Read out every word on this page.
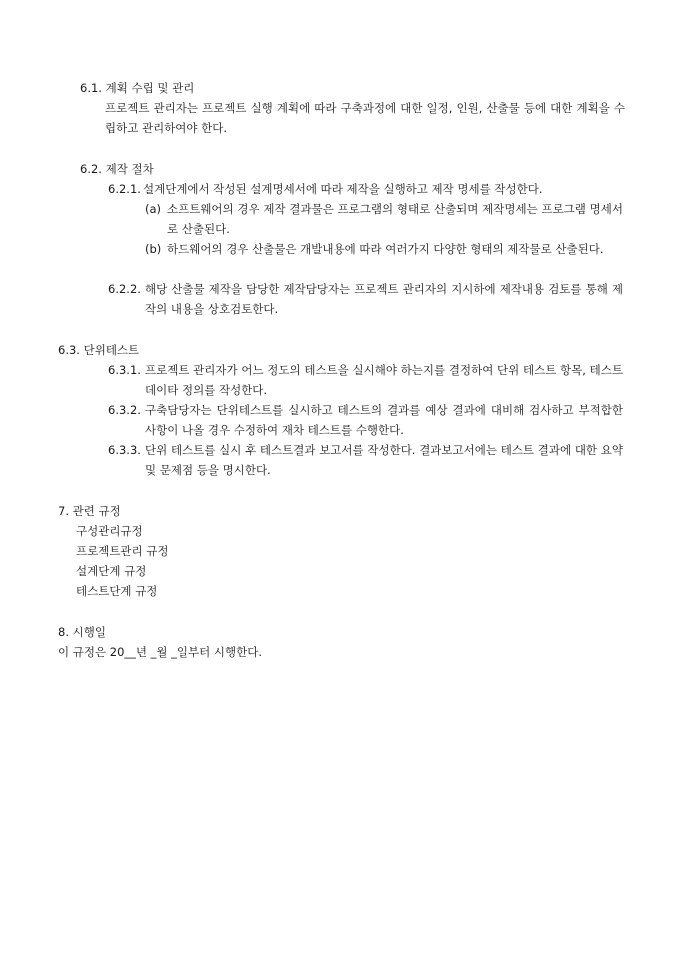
6.1. 계획 수립 및 관리

프로젝트 관리자는 프로젝트 실행 계획에 따라 구축과정에 대한 일정, 인원, 산출물 등에 대한 계획을 수립하고 관리하여야 한다.

6.2. 제작 절차
6.2.1. 설계단계에서 작성된 설계명세서에 따라 제작을 실행하고 제작 명세를 작성한다.
(a) 소프트웨어의 경우 제작 결과물은 프로그램의 형태로 산출되며 제작명세는 프로그램 명세서로 산출된다.
(b) 하드웨어의 경우 산출물은 개발내용에 따라 여러가지 다양한 형태의 제작물로 산출된다.
6.2.2. 해당 산출물 제작을 담당한 제작담당자는 프로젝트 관리자의 지시하에 제작내용 검토를 통해 제작의 내용을 상호검토한다.
6.3. 단위테스트
6.3.1. 프로젝트 관리자가 어느 정도의 테스트을 실시해야 하는지를 결정하여 단위 테스트 항목, 테스트 데이타 정의를 작성한다.
6.3.2. 구축담당자는 단위테스트를 실시하고 테스트의 결과를 예상 결과에 대비해 검사하고 부적합한 사항이 나올 경우 수정하여 재차 테스트를 수행한다.
6.3.3. 단위 테스트를 실시 후 테스트결과 보고서를 작성한다. 결과보고서에는 테스트 결과에 대한 요약 및 문제점 등을 명시한다.
7. 관련 규정

구성관리규정

프로젝트관리 규정

설계단계 규정

테스트단계 규정

8. 시행일
이 규정은 20__년 _월 _일부터 시행한다.
